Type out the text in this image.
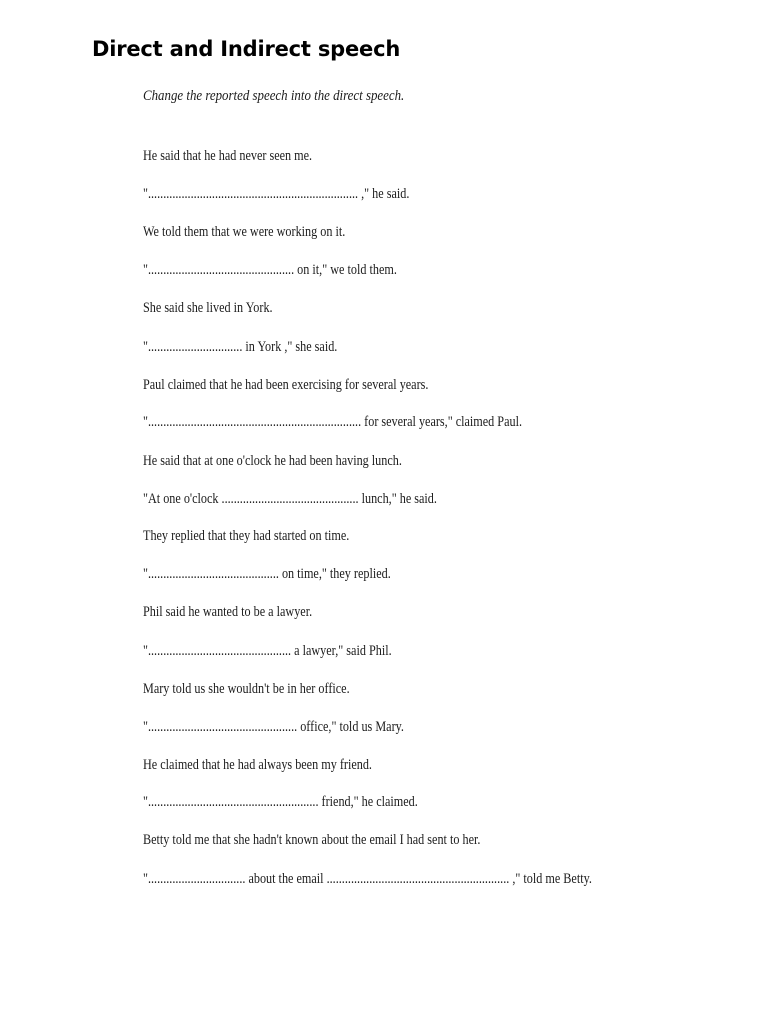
Direct and Indirect speech
Change the reported speech into the direct speech.
He said that he had never seen me.
"..................................................................... ," he said.
We told them that we were working on it.
"................................................ on it," we told them.
She said she lived in York.
"............................... in York ," she said.
Paul claimed that he had been exercising for several years.
"...................................................................... for several years," claimed Paul.
He said that at one o'clock he had been having lunch.
"At one o'clock ............................................. lunch," he said.
They replied that they had started on time.
"........................................... on time," they replied.
Phil said he wanted to be a lawyer.
"............................................... a lawyer," said Phil.
Mary told us she wouldn't be in her office.
"................................................. office," told us Mary.
He claimed that he had always been my friend.
"........................................................ friend," he claimed.
Betty told me that she hadn't known about the email I had sent to her.
"................................ about the email ............................................................ ," told me Betty.
